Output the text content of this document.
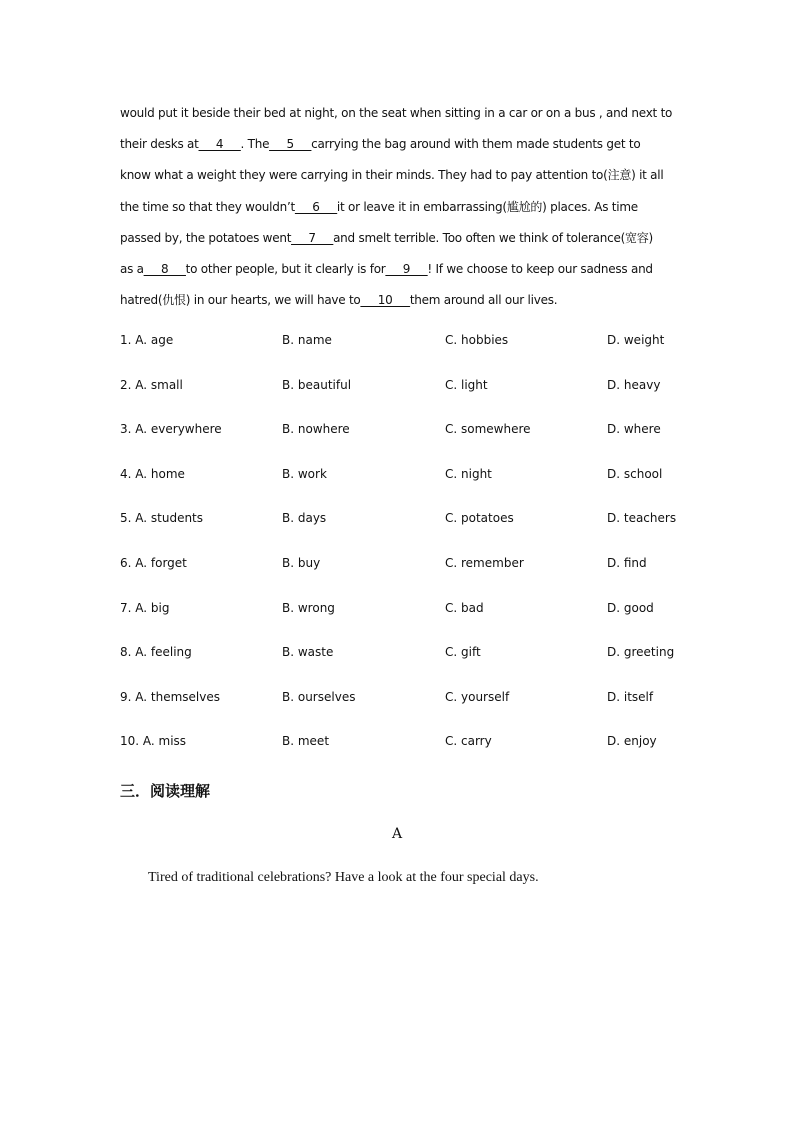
would put it beside their bed at night, on the seat when sitting in a car or on a bus , and next to
their desks at___4___. The___5___carrying the bag around with them made students get to
know what a weight they were carrying in their minds. They had to pay attention to(注意) it all
the time so that they wouldn’t___6___it or leave it in embarrassing(尴尬的) places. As time
passed by, the potatoes went___7___and smelt terrible. Too often we think of tolerance(宽容)
as a___8___to other people, but it clearly is for___9___! If we choose to keep our sadness and
hatred(仇恨) in our hearts, we will have to___10___them around all our lives.
1. A. age	B. name	C. hobbies	D. weight
2. A. small	B. beautiful	C. light	D. heavy
3. A. everywhere	B. nowhere	C. somewhere	D. where
4. A. home	B. work	C. night	D. school
5. A. students	B. days	C. potatoes	D. teachers
6. A. forget	B. buy	C. remember	D. find
7. A. big	B. wrong	C. bad	D. good
8. A. feeling	B. waste	C. gift	D. greeting
9. A. themselves	B. ourselves	C. yourself	D. itself
10. A. miss	B. meet	C. carry	D. enjoy
三．阅读理解
A
Tired of traditional celebrations? Have a look at the four special days.
